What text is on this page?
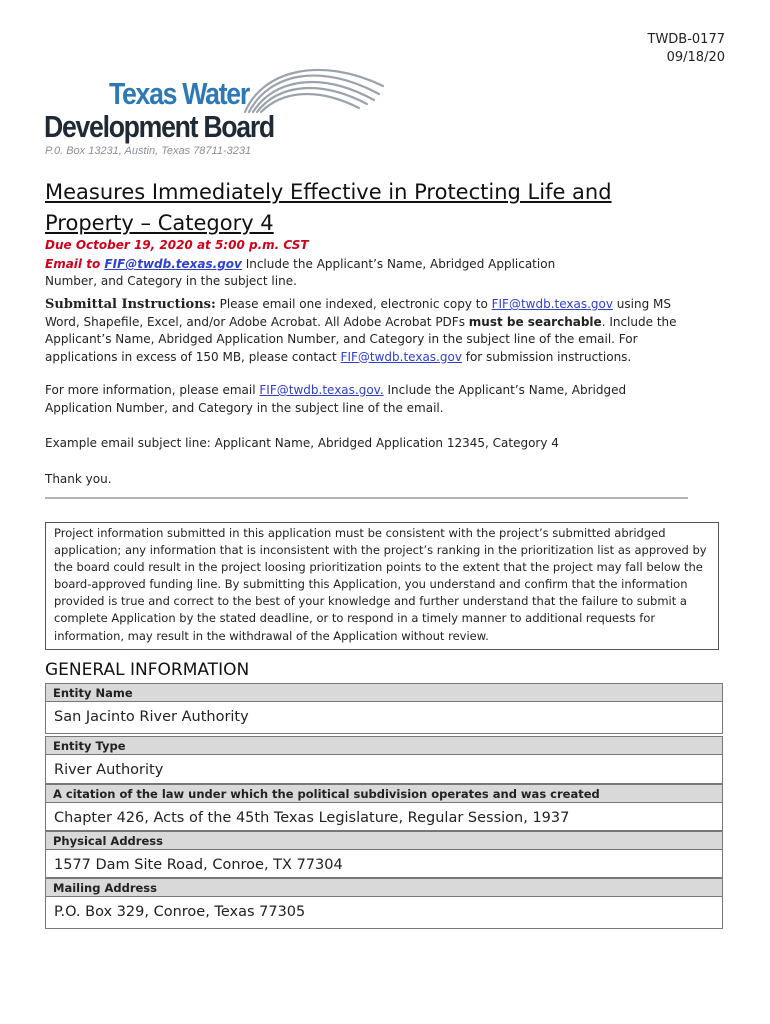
TWDB-0177
09/18/20
Texas Water
Development Board
P.0. Box 13231, Austin, Texas 78711-3231
Measures Immediately Effective in Protecting Life and Property – Category 4
Due October 19, 2020 at 5:00 p.m. CST
Email to FIF@twdb.texas.gov Include the Applicant’s Name, Abridged Application Number, and Category in the subject line.
Submittal Instructions: Please email one indexed, electronic copy to FIF@twdb.texas.gov using MS Word, Shapefile, Excel, and/or Adobe Acrobat. All Adobe Acrobat PDFs must be searchable. Include the Applicant’s Name, Abridged Application Number, and Category in the subject line of the email. For applications in excess of 150 MB, please contact FIF@twdb.texas.gov for submission instructions.
For more information, please email FIF@twdb.texas.gov. Include the Applicant’s Name, Abridged Application Number, and Category in the subject line of the email.
Example email subject line: Applicant Name, Abridged Application 12345, Category 4
Thank you.
Project information submitted in this application must be consistent with the project’s submitted abridged application; any information that is inconsistent with the project’s ranking in the prioritization list as approved by the board could result in the project loosing prioritization points to the extent that the project may fall below the board-approved funding line. By submitting this Application, you understand and confirm that the information provided is true and correct to the best of your knowledge and further understand that the failure to submit a complete Application by the stated deadline, or to respond in a timely manner to additional requests for information, may result in the withdrawal of the Application without review.
GENERAL INFORMATION
Entity Name
San Jacinto River Authority
Entity Type
River Authority
A citation of the law under which the political subdivision operates and was created
Chapter 426, Acts of the 45th Texas Legislature, Regular Session, 1937
Physical Address
1577 Dam Site Road, Conroe, TX 77304
Mailing Address
P.O. Box 329, Conroe, Texas 77305
